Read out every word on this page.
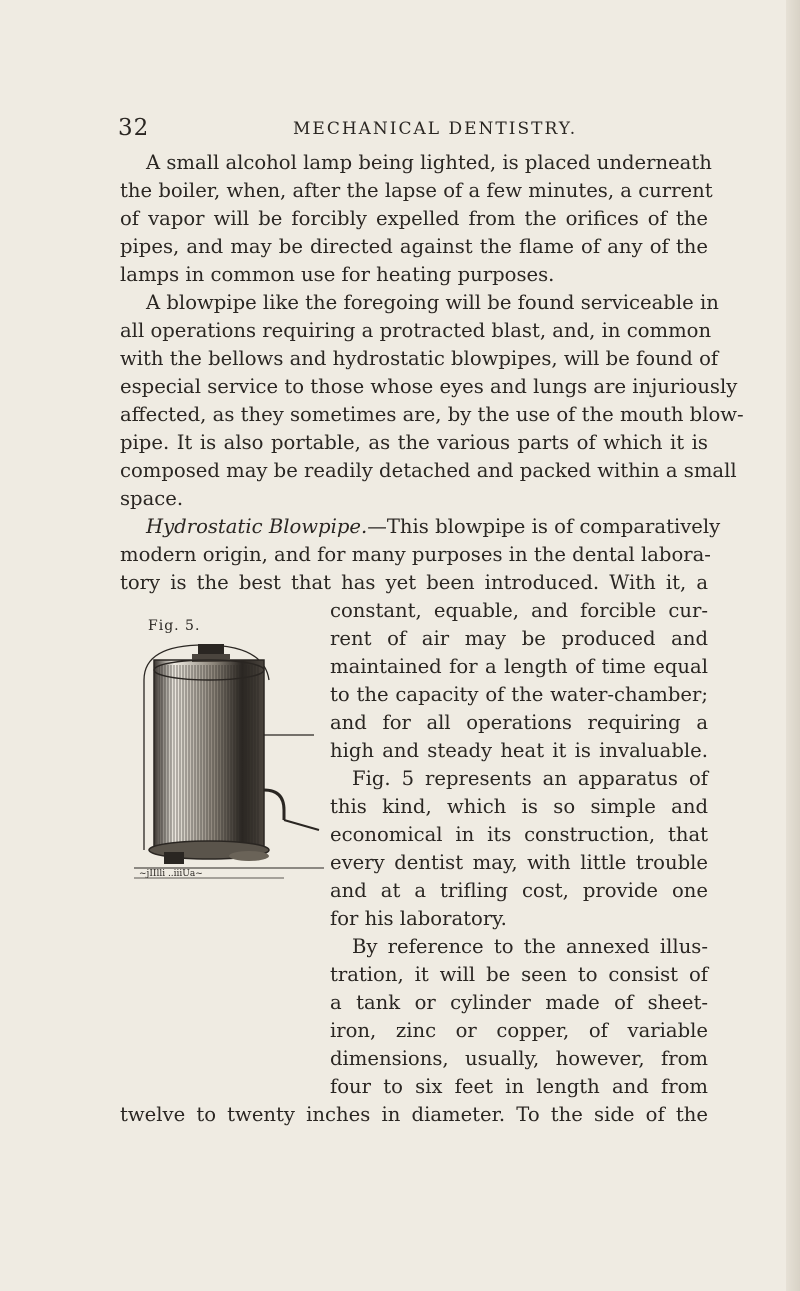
32	MECHANICAL DENTISTRY.
A small alcohol lamp being lighted, is placed underneath
the boiler, when, after the lapse of a few minutes, a current
of vapor will be forcibly expelled from the orifices of the
pipes, and may be directed against the flame of any of the
lamps in common use for heating purposes.
A blowpipe like the foregoing will be found serviceable in
all operations requiring a protracted blast, and, in common
with the bellows and hydrostatic blowpipes, will be found of
especial service to those whose eyes and lungs are injuriously
affected, as they sometimes are, by the use of the mouth blow-
pipe. It is also portable, as the various parts of which it is
composed may be readily detached and packed within a small
space.
Hydrostatic Blowpipe. —This blowpipe is of comparatively
modern origin, and for many purposes in the dental labora-
tory is the best that has yet been introduced. With it, a
constant, equable, and forcible cur-
rent of air may be produced and
maintained for a length of time equal
to the capacity of the water-chamber;
and for all operations requiring a
high and steady heat it is invaluable.
Fig. 5 represents an apparatus of
this kind, which is so simple and
economical in its construction, that
every dentist may, with little trouble
and at a trifling cost, provide one
for his laboratory.
By reference to the annexed illus-
tration, it will be seen to consist of
a tank or cylinder made of sheet-
iron, zinc or copper, of variable
dimensions, usually, however, from
four to six feet in length and from
twelve to twenty inches in diameter. To the side of the
Fig. 5.
~jIIlli ..iiiUa~
